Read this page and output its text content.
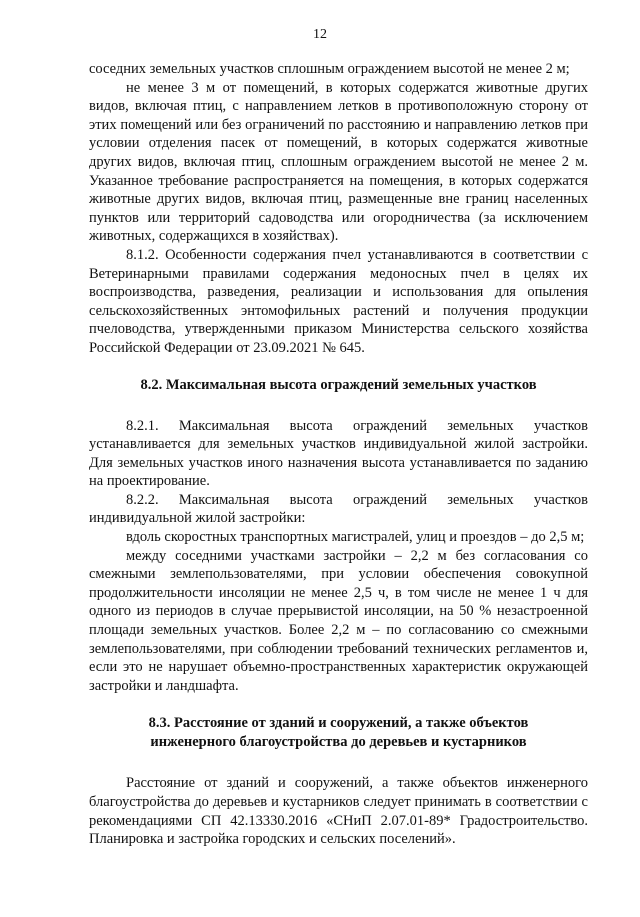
12

соседних земельных участков сплошным ограждением высотой не менее 2 м;

не менее 3 м от помещений, в которых содержатся животные других видов, включая птиц, с направлением летков в противоположную сторону от этих помещений или без ограничений по расстоянию и направлению летков при условии отделения пасек от помещений, в которых содержатся животные других видов, включая птиц, сплошным ограждением высотой не менее 2 м. Указанное требование распространяется на помещения, в которых содержатся животные других видов, включая птиц, размещенные вне границ населенных пунктов или территорий садоводства или огородничества (за исключением животных, содержащихся в хозяйствах).

8.1.2. Особенности содержания пчел устанавливаются в соответствии с Ветеринарными правилами содержания медоносных пчел в целях их воспроизводства, разведения, реализации и использования для опыления сельскохозяйственных энтомофильных растений и получения продукции пчеловодства, утвержденными приказом Министерства сельского хозяйства Российской Федерации от 23.09.2021 № 645.

8.2. Максимальная высота ограждений земельных участков

8.2.1. Максимальная высота ограждений земельных участков устанавливается для земельных участков индивидуальной жилой застройки. Для земельных участков иного назначения высота устанавливается по заданию на проектирование.

8.2.2. Максимальная высота ограждений земельных участков индивидуальной жилой застройки:

вдоль скоростных транспортных магистралей, улиц и проездов – до 2,5 м;

между соседними участками застройки – 2,2 м без согласования со смежными землепользователями, при условии обеспечения совокупной продолжительности инсоляции не менее 2,5 ч, в том числе не менее 1 ч для одного из периодов в случае прерывистой инсоляции, на 50 % незастроенной площади земельных участков. Более 2,2 м – по согласованию со смежными землепользователями, при соблюдении требований технических регламентов и, если это не нарушает объемно-пространственных характеристик окружающей застройки и ландшафта.

8.3. Расстояние от зданий и сооружений, а также объектов
инженерного благоустройства до деревьев и кустарников

Расстояние от зданий и сооружений, а также объектов инженерного благоустройства до деревьев и кустарников следует принимать в соответствии с рекомендациями СП 42.13330.2016 «СНиП 2.07.01-89* Градостроительство. Планировка и застройка городских и сельских поселений».
